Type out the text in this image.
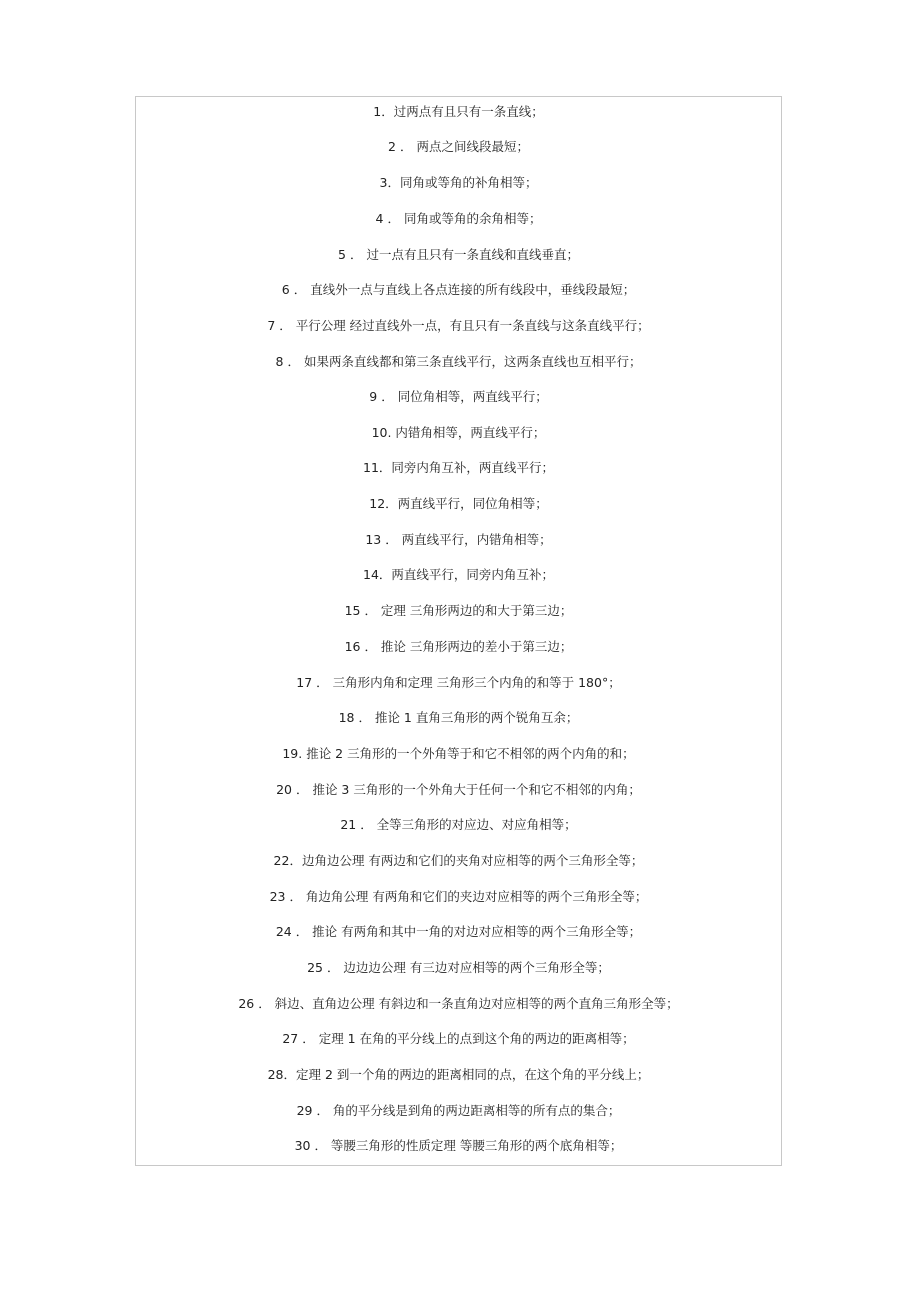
1．过两点有且只有一条直线；
2 ． 两点之间线段最短；
3．同角或等角的补角相等；
4 ． 同角或等角的余角相等；
5 ． 过一点有且只有一条直线和直线垂直；
6 ． 直线外一点与直线上各点连接的所有线段中，垂线段最短；
7 ． 平行公理 经过直线外一点，有且只有一条直线与这条直线平行；
8 ． 如果两条直线都和第三条直线平行，这两条直线也互相平行；
9 ． 同位角相等，两直线平行；
10. 内错角相等，两直线平行；
11．同旁内角互补，两直线平行；
12．两直线平行，同位角相等；
13 ． 两直线平行，内错角相等；
14．两直线平行，同旁内角互补；
15 ． 定理 三角形两边的和大于第三边；
16 ． 推论 三角形两边的差小于第三边；
17 ． 三角形内角和定理 三角形三个内角的和等于 180°；
18 ． 推论 1 直角三角形的两个锐角互余；
19. 推论 2 三角形的一个外角等于和它不相邻的两个内角的和；
20 ． 推论 3 三角形的一个外角大于任何一个和它不相邻的内角；
21 ． 全等三角形的对应边、对应角相等；
22．边角边公理 有两边和它们的夹角对应相等的两个三角形全等；
23 ． 角边角公理 有两角和它们的夹边对应相等的两个三角形全等；
24 ． 推论 有两角和其中一角的对边对应相等的两个三角形全等；
25 ． 边边边公理 有三边对应相等的两个三角形全等；
26 ． 斜边、直角边公理 有斜边和一条直角边对应相等的两个直角三角形全等；
27 ． 定理 1 在角的平分线上的点到这个角的两边的距离相等；
28．定理 2 到一个角的两边的距离相同的点，在这个角的平分线上；
29 ． 角的平分线是到角的两边距离相等的所有点的集合；
30 ． 等腰三角形的性质定理 等腰三角形的两个底角相等；
